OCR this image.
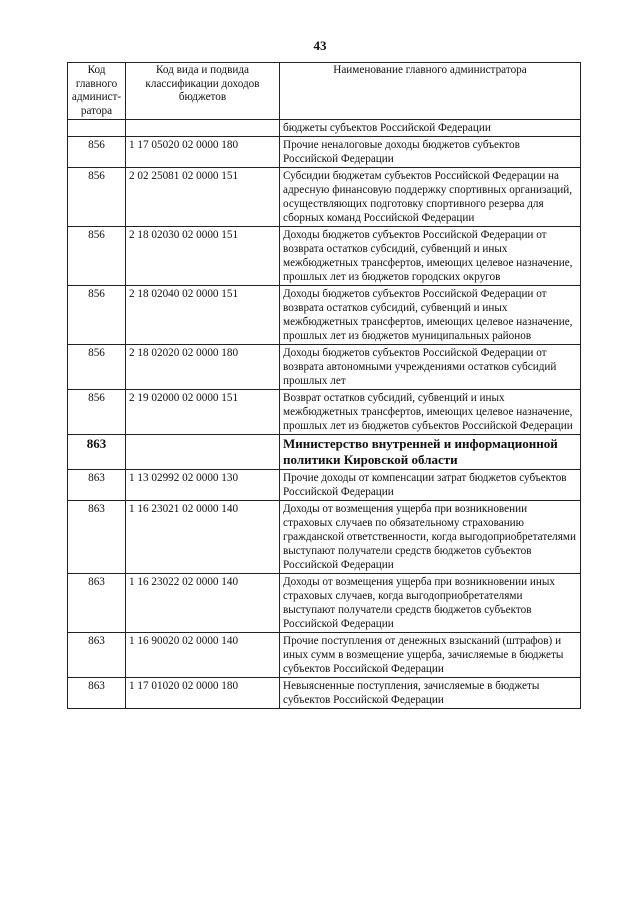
43
Код главного админист-ратора	Код вида и подвида классификации доходов бюджетов	Наименование главного администратора
		бюджеты субъектов Российской Федерации
856	1 17 05020 02 0000 180	Прочие неналоговые доходы бюджетов субъектов Российской Федерации
856	2 02 25081 02 0000 151	Субсидии бюджетам субъектов Российской Федерации на адресную финансовую поддержку спортивных организаций, осуществляющих подготовку спортивного резерва для сборных команд Российской Федерации
856	2 18 02030 02 0000 151	Доходы бюджетов субъектов Российской Федерации от возврата остатков субсидий, субвенций и иных межбюджетных трансфертов, имеющих целевое назначение, прошлых лет из бюджетов городских округов
856	2 18 02040 02 0000 151	Доходы бюджетов субъектов Российской Федерации от возврата остатков субсидий, субвенций и иных межбюджетных трансфертов, имеющих целевое назначение, прошлых лет из бюджетов муниципальных районов
856	2 18 02020 02 0000 180	Доходы бюджетов субъектов Российской Федерации от возврата автономными учреждениями остатков субсидий прошлых лет
856	2 19 02000 02 0000 151	Возврат остатков субсидий, субвенций и иных межбюджетных трансфертов, имеющих целевое назначение, прошлых лет из бюджетов субъектов Российской Федерации
863		Министерство внутренней и информационной политики Кировской области
863	1 13 02992 02 0000 130	Прочие доходы от компенсации затрат бюджетов субъектов Российской Федерации
863	1 16 23021 02 0000 140	Доходы от возмещения ущерба при возникновении страховых случаев по обязательному страхованию гражданской ответственности, когда выгодоприобретателями выступают получатели средств бюджетов субъектов Российской Федерации
863	1 16 23022 02 0000 140	Доходы от возмещения ущерба при возникновении иных страховых случаев, когда выгодоприобретателями выступают получатели средств бюджетов субъектов Российской Федерации
863	1 16 90020 02 0000 140	Прочие поступления от денежных взысканий (штрафов) и иных сумм в возмещение ущерба, зачисляемые в бюджеты субъектов Российской Федерации
863	1 17 01020 02 0000 180	Невыясненные поступления, зачисляемые в бюджеты субъектов Российской Федерации
